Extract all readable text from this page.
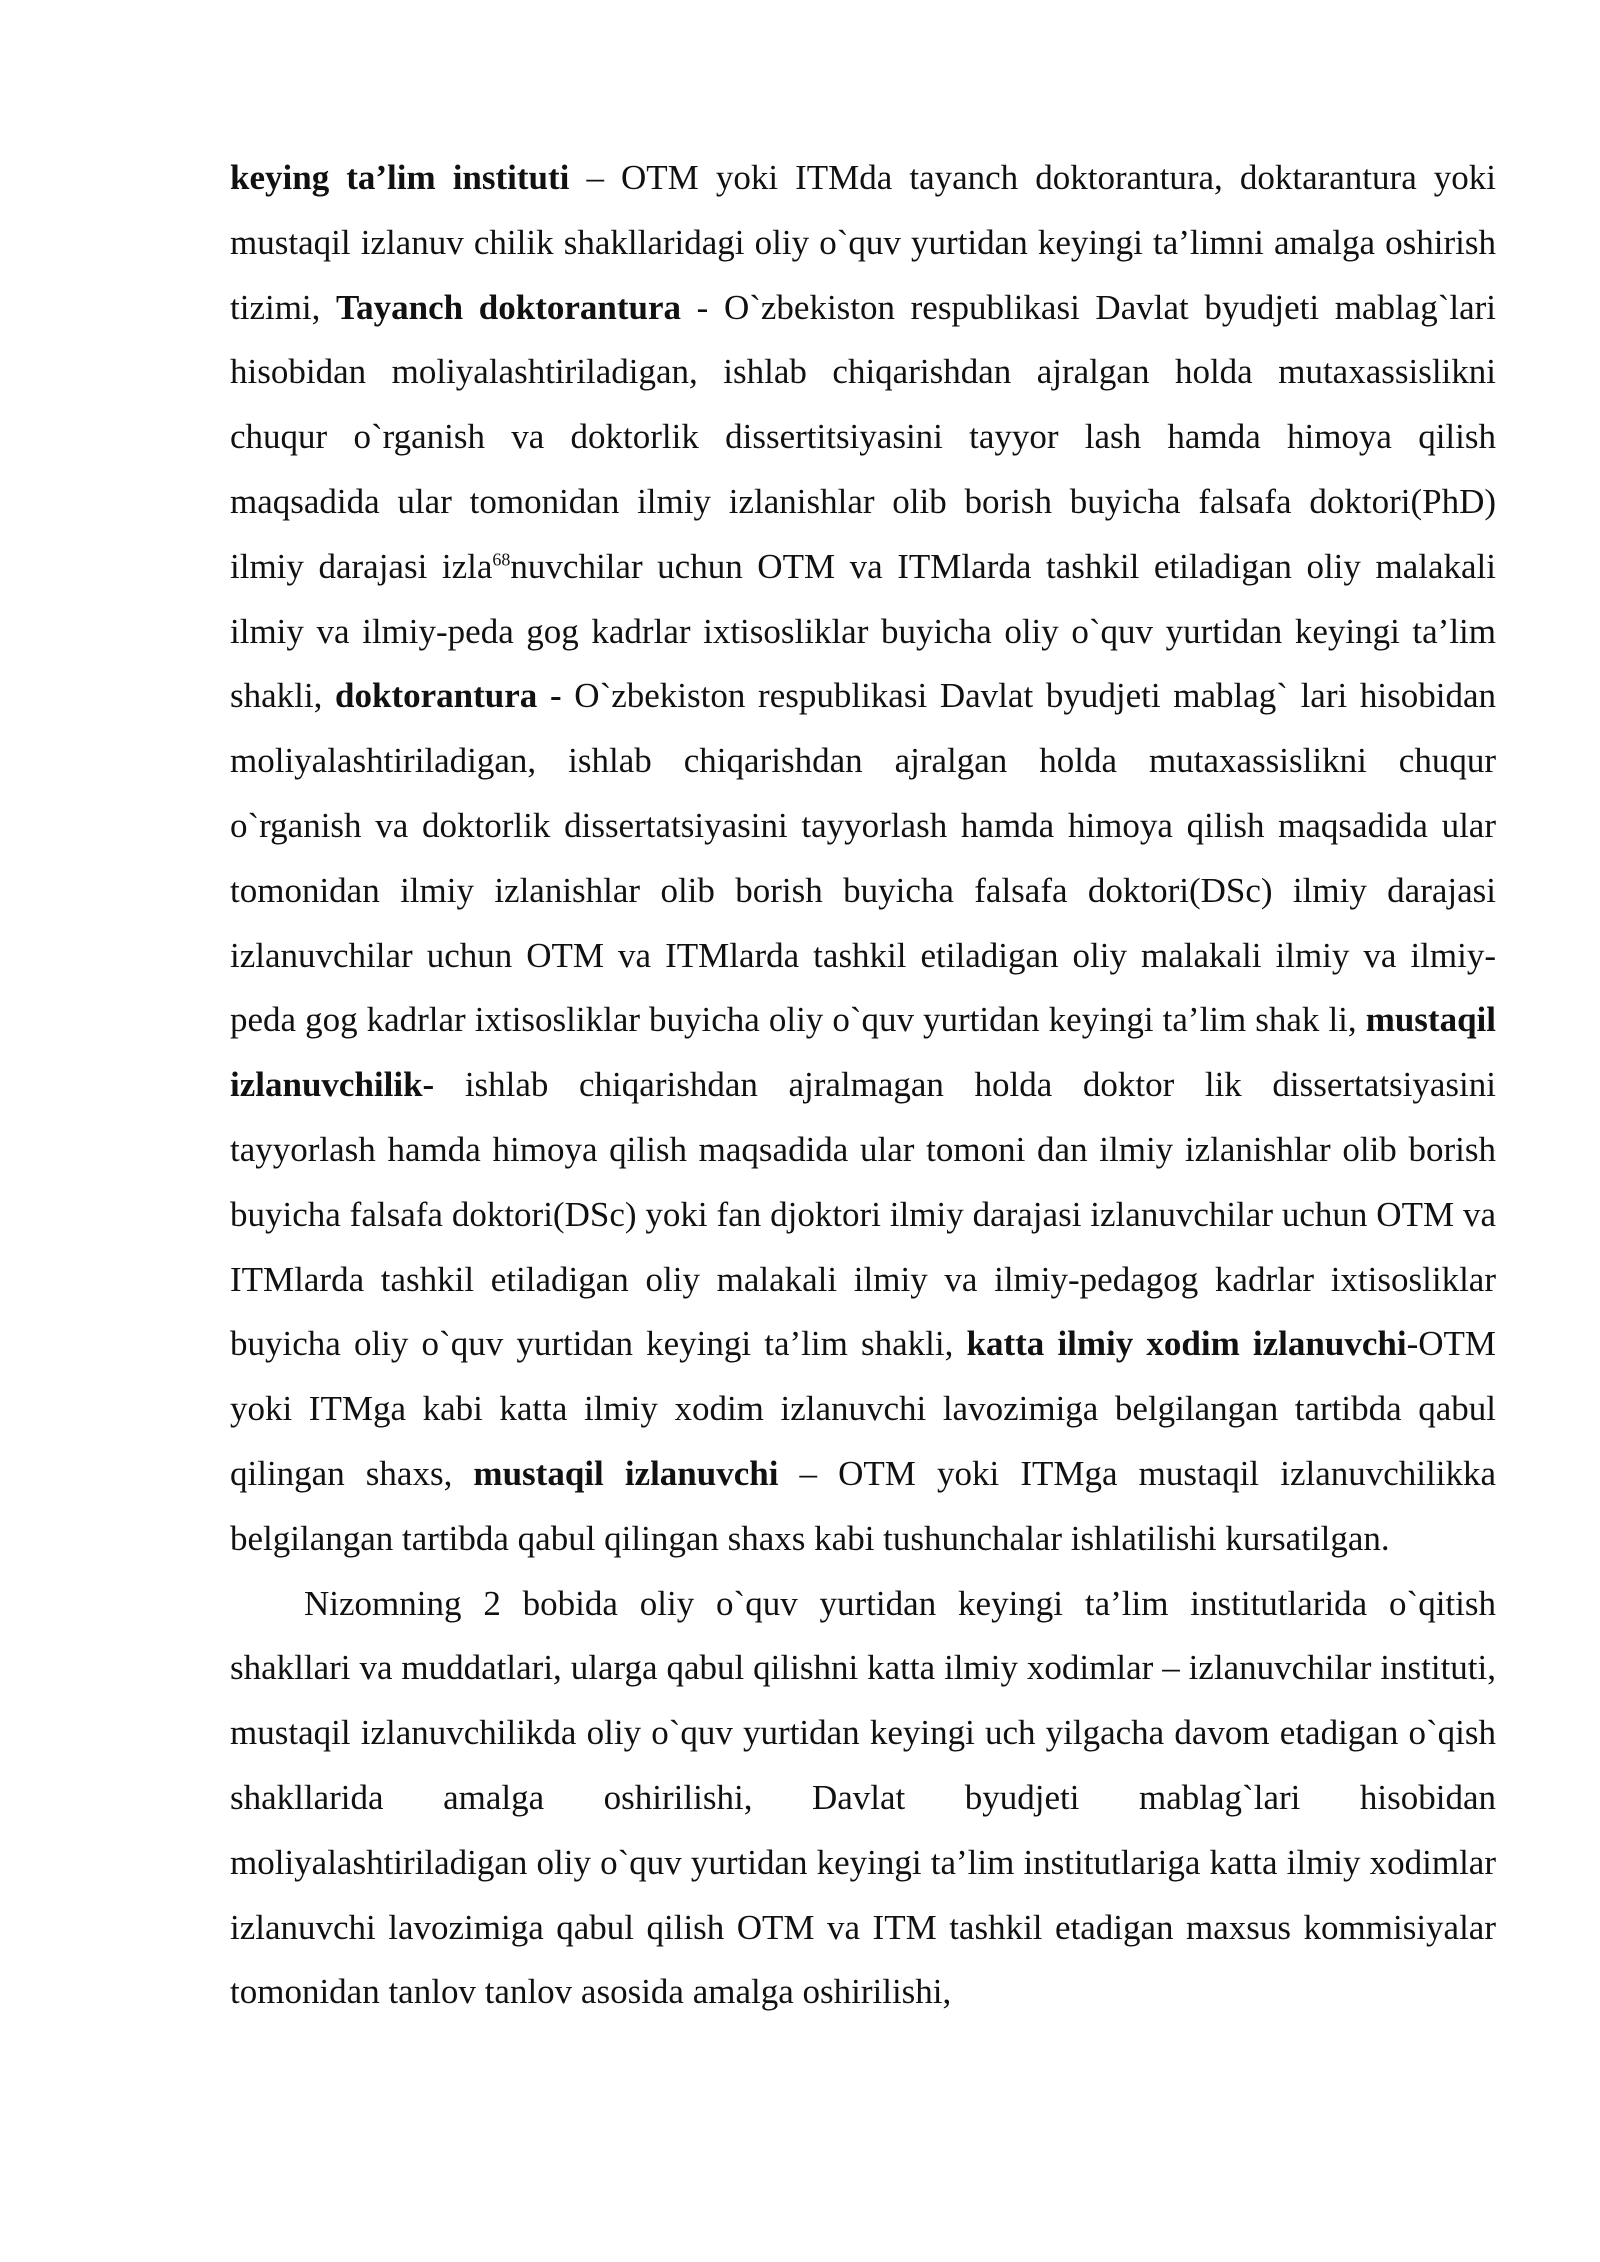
keying ta’lim instituti – OTM yoki ITMda tayanch doktorantura, doktarantura yoki mustaqil izlanuv chilik shakllaridagi oliy o`quv yurtidan keyingi ta’limni amalga oshirish tizimi, Tayanch doktorantura - O`zbekiston respublikasi Davlat byudjeti mablag`lari hisobidan moliyalashtiriladigan, ishlab chiqarishdan ajralgan holda mutaxassislikni chuqur o`rganish va doktorlik dissertitsiyasini tayyor lash hamda himoya qilish maqsadida ular tomonidan ilmiy izlanishlar olib borish buyicha falsafa doktori(PhD) ilmiy darajasi izla$^{68}$nuvchilar uchun OTM va ITMlarda tashkil etiladigan oliy malakali ilmiy va ilmiy-peda gog kadrlar ixtisosliklar buyicha oliy o`quv yurtidan keyingi ta’lim shakli, doktorantura - O`zbekiston respublikasi Davlat byudjeti mablag` lari hisobidan moliyalashtiriladigan, ishlab chiqarishdan ajralgan holda mutaxassislikni chuqur o`rganish va doktorlik dissertatsiyasini tayyorlash hamda himoya qilish maqsadida ular tomonidan ilmiy izlanishlar olib borish buyicha falsafa doktori(DSc) ilmiy darajasi izlanuvchilar uchun OTM va ITMlarda tashkil etiladigan oliy malakali ilmiy va ilmiy-peda gog kadrlar ixtisosliklar buyicha oliy o`quv yurtidan keyingi ta’lim shak li, mustaqil izlanuvchilik- ishlab chiqarishdan ajralmagan holda doktor lik dissertatsiyasini tayyorlash hamda himoya qilish maqsadida ular tomoni dan ilmiy izlanishlar olib borish buyicha falsafa doktori(DSc) yoki fan djoktori ilmiy darajasi izlanuvchilar uchun OTM va ITMlarda tashkil etiladigan oliy malakali ilmiy va ilmiy-pedagog kadrlar ixtisosliklar buyicha oliy o`quv yurtidan keyingi ta’lim shakli, katta ilmiy xodim izlanuvchi-OTM yoki ITMga kabi katta ilmiy xodim izlanuvchi lavozimiga belgilangan tartibda qabul qilingan shaxs, mustaqil izlanuvchi – OTM yoki ITMga mustaqil izlanuvchilikka belgilangan tartibda qabul qilingan shaxs kabi tushunchalar ishlatilishi kursatilgan.

Nizomning 2 bobida oliy o`quv yurtidan keyingi ta’lim institutlarida o`qitish shakllari va muddatlari, ularga qabul qilishni katta ilmiy xodimlar – izlanuvchilar instituti, mustaqil izlanuvchilikda oliy o`quv yurtidan keyingi uch yilgacha davom etadigan o`qish shakllarida amalga oshirilishi, Davlat byudjeti mablag`lari hisobidan moliyalashtiriladigan oliy o`quv yurtidan keyingi ta’lim institutlariga katta ilmiy xodimlar izlanuvchi lavozimiga qabul qilish OTM va ITM tashkil etadigan maxsus kommisiyalar tomonidan tanlov tanlov asosida amalga oshirilishi,
